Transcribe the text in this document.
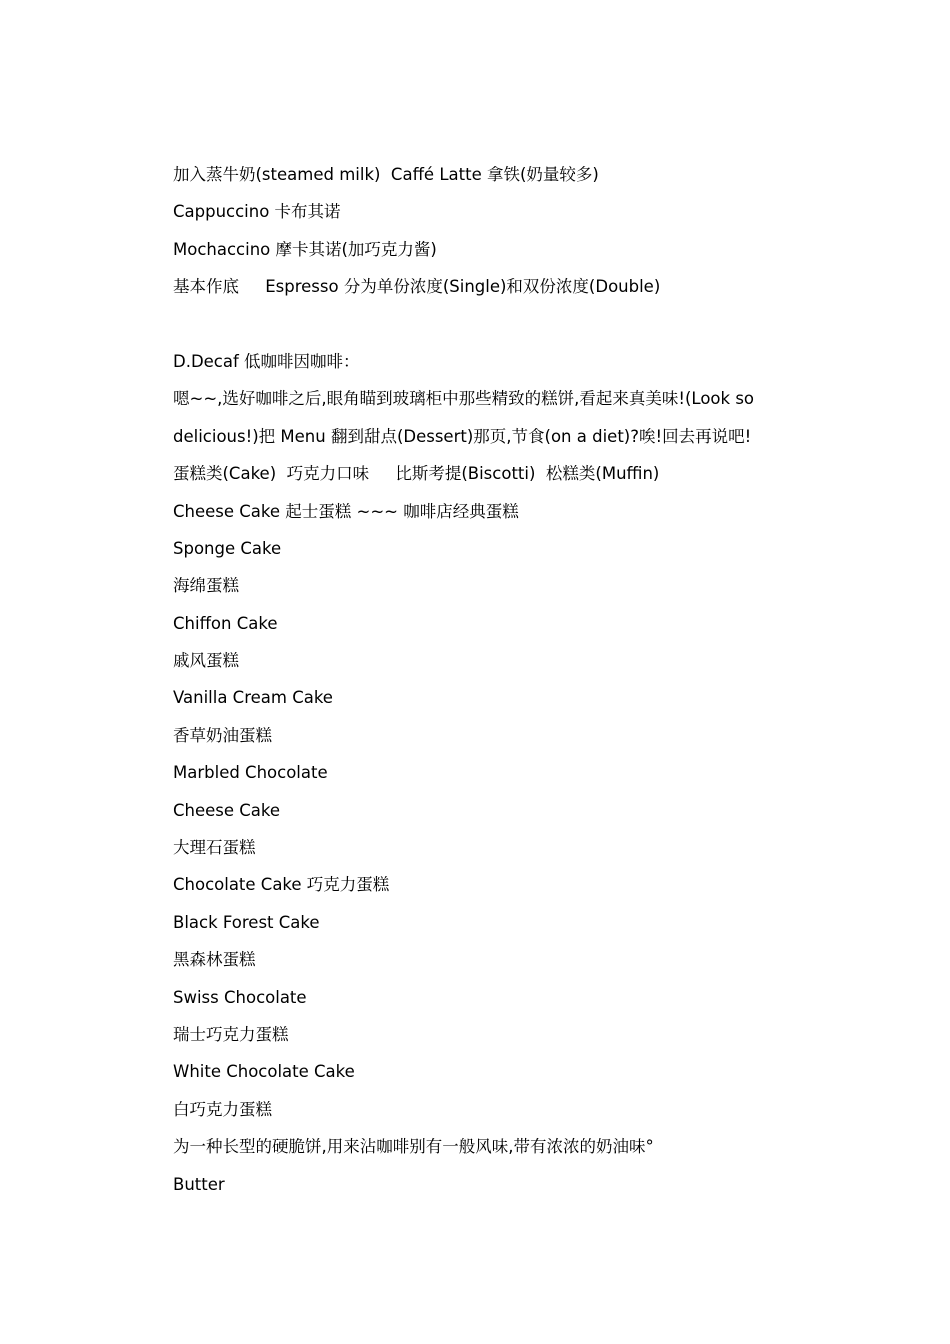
加入蒸牛奶(steamed milk)  Caffé Latte 拿铁(奶量较多)

Cappuccino 卡布其诺

Mochaccino 摩卡其诺(加巧克力酱)

基本作底     Espresso 分为单份浓度(Single)和双份浓度(Double)

D.Decaf 低咖啡因咖啡：

嗯~~,选好咖啡之后,眼角瞄到玻璃柜中那些精致的糕饼,看起来真美味!(Look so

delicious!)把 Menu 翻到甜点(Dessert)那页,节食(on a diet)?唉!回去再说吧!

蛋糕类(Cake)  巧克力口味     比斯考提(Biscotti)  松糕类(Muffin)

Cheese Cake 起士蛋糕 ~~~ 咖啡店经典蛋糕

Sponge Cake

海绵蛋糕

Chiffon Cake

戚风蛋糕

Vanilla Cream Cake

香草奶油蛋糕

Marbled Chocolate

Cheese Cake

大理石蛋糕

Chocolate Cake 巧克力蛋糕

Black Forest Cake

黑森林蛋糕

Swiss Chocolate

瑞士巧克力蛋糕

White Chocolate Cake

白巧克力蛋糕

为一种长型的硬脆饼,用来沾咖啡别有一般风味,带有浓浓的奶油味°

Butter
